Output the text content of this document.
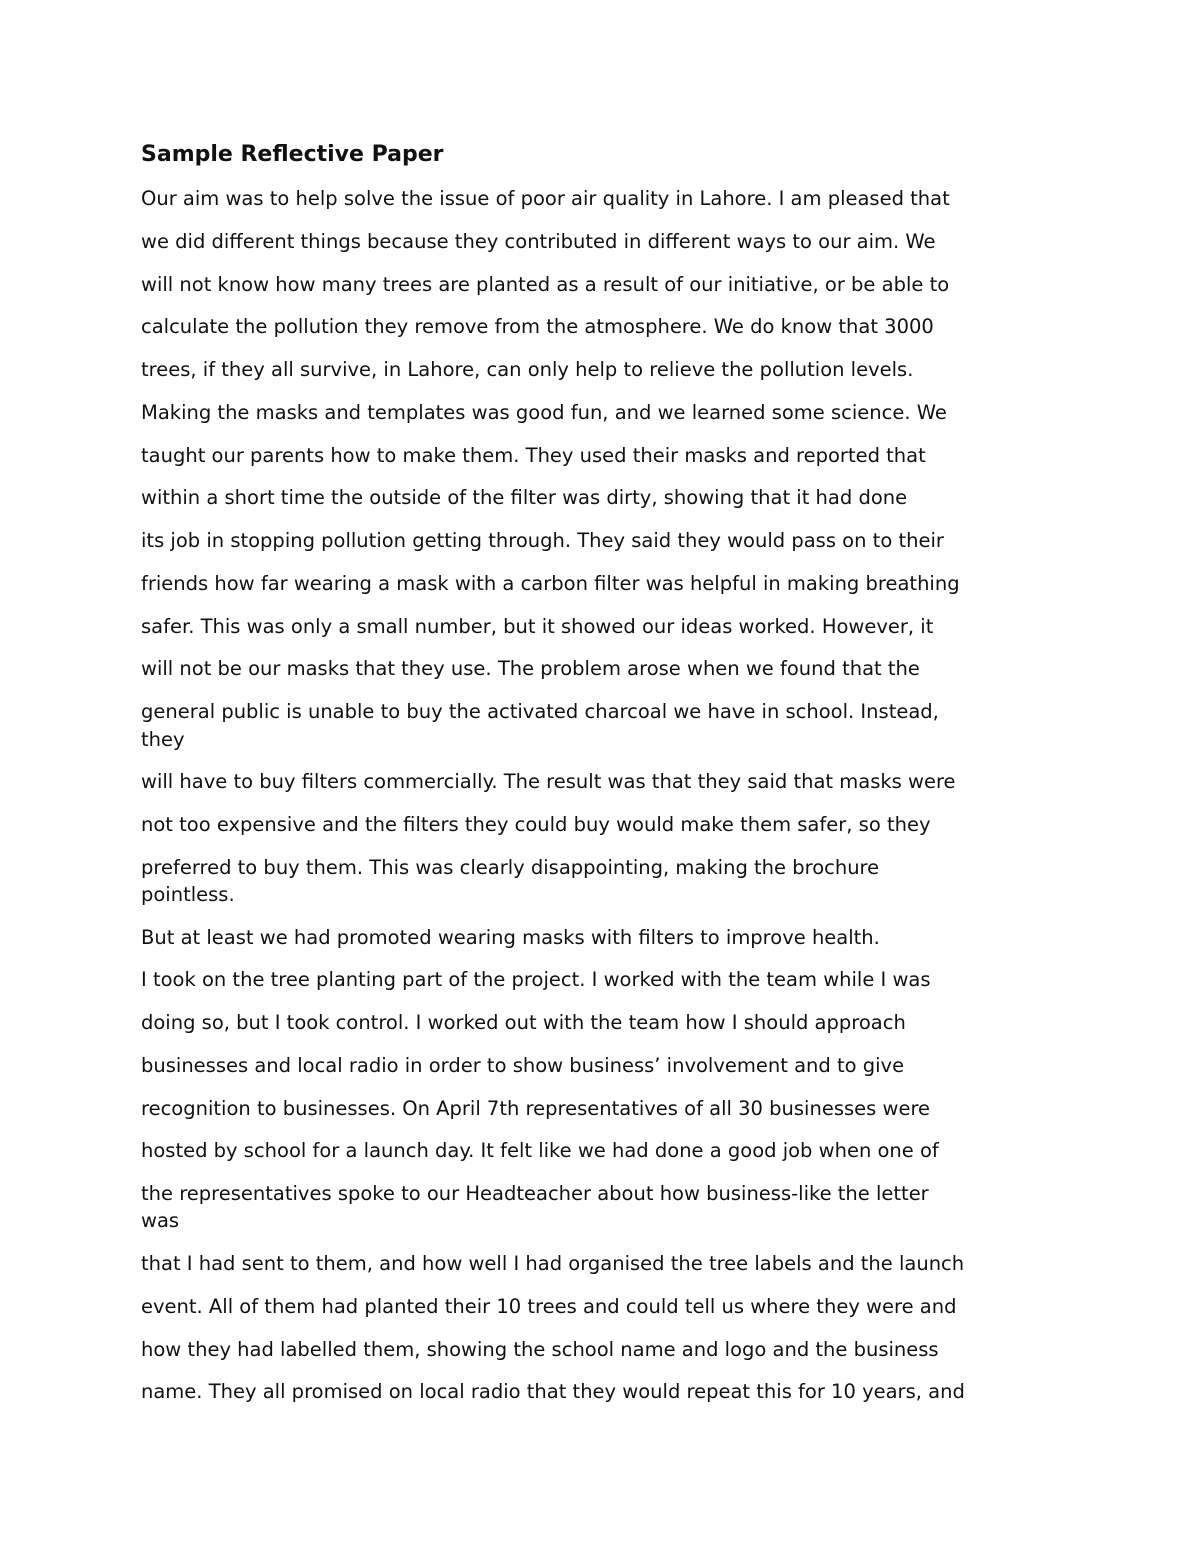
Sample Reflective Paper
Our aim was to help solve the issue of poor air quality in Lahore. I am pleased that
we did different things because they contributed in different ways to our aim. We
will not know how many trees are planted as a result of our initiative, or be able to
calculate the pollution they remove from the atmosphere. We do know that 3000
trees, if they all survive, in Lahore, can only help to relieve the pollution levels.
Making the masks and templates was good fun, and we learned some science. We
taught our parents how to make them. They used their masks and reported that
within a short time the outside of the filter was dirty, showing that it had done
its job in stopping pollution getting through. They said they would pass on to their
friends how far wearing a mask with a carbon filter was helpful in making breathing
safer. This was only a small number, but it showed our ideas worked. However, it
will not be our masks that they use. The problem arose when we found that the
general public is unable to buy the activated charcoal we have in school. Instead,
they
will have to buy filters commercially. The result was that they said that masks were
not too expensive and the filters they could buy would make them safer, so they
preferred to buy them. This was clearly disappointing, making the brochure
pointless.
But at least we had promoted wearing masks with filters to improve health.
I took on the tree planting part of the project. I worked with the team while I was
doing so, but I took control. I worked out with the team how I should approach
businesses and local radio in order to show business’ involvement and to give
recognition to businesses. On April 7th representatives of all 30 businesses were
hosted by school for a launch day. It felt like we had done a good job when one of
the representatives spoke to our Headteacher about how business-like the letter
was
that I had sent to them, and how well I had organised the tree labels and the launch
event. All of them had planted their 10 trees and could tell us where they were and
how they had labelled them, showing the school name and logo and the business
name. They all promised on local radio that they would repeat this for 10 years, and
